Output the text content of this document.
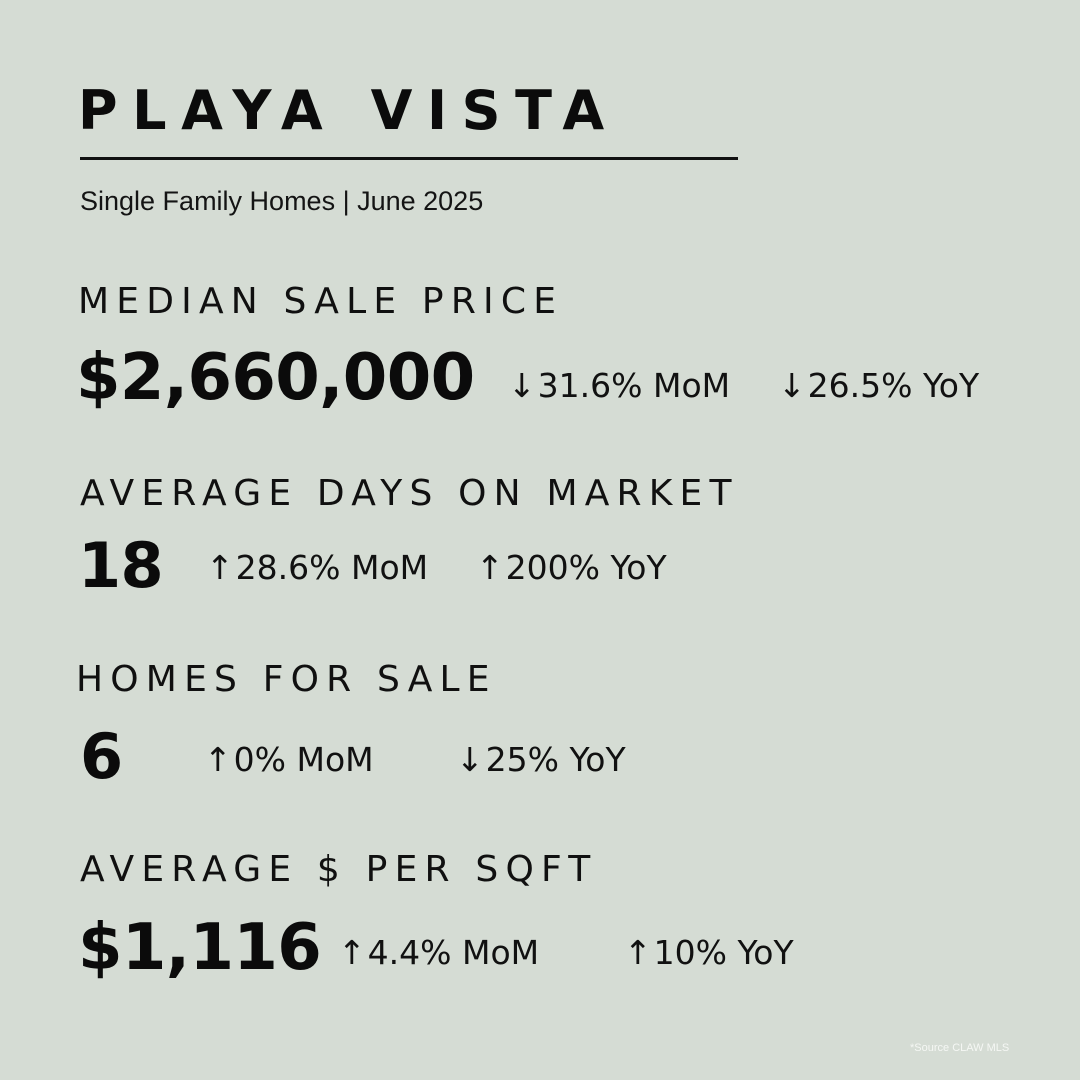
PLAYA VISTA
Single Family Homes | June 2025
MEDIAN SALE PRICE
$2,660,000 ↓31.6% MoM ↓26.5% YoY
AVERAGE DAYS ON MARKET
18 ↑28.6% MoM ↑200% YoY
HOMES FOR SALE
6 ↑0% MoM ↓25% YoY
AVERAGE $ PER SQFT
$1,116 ↑4.4% MoM	↑10% YoY
*Source CLAW MLS
